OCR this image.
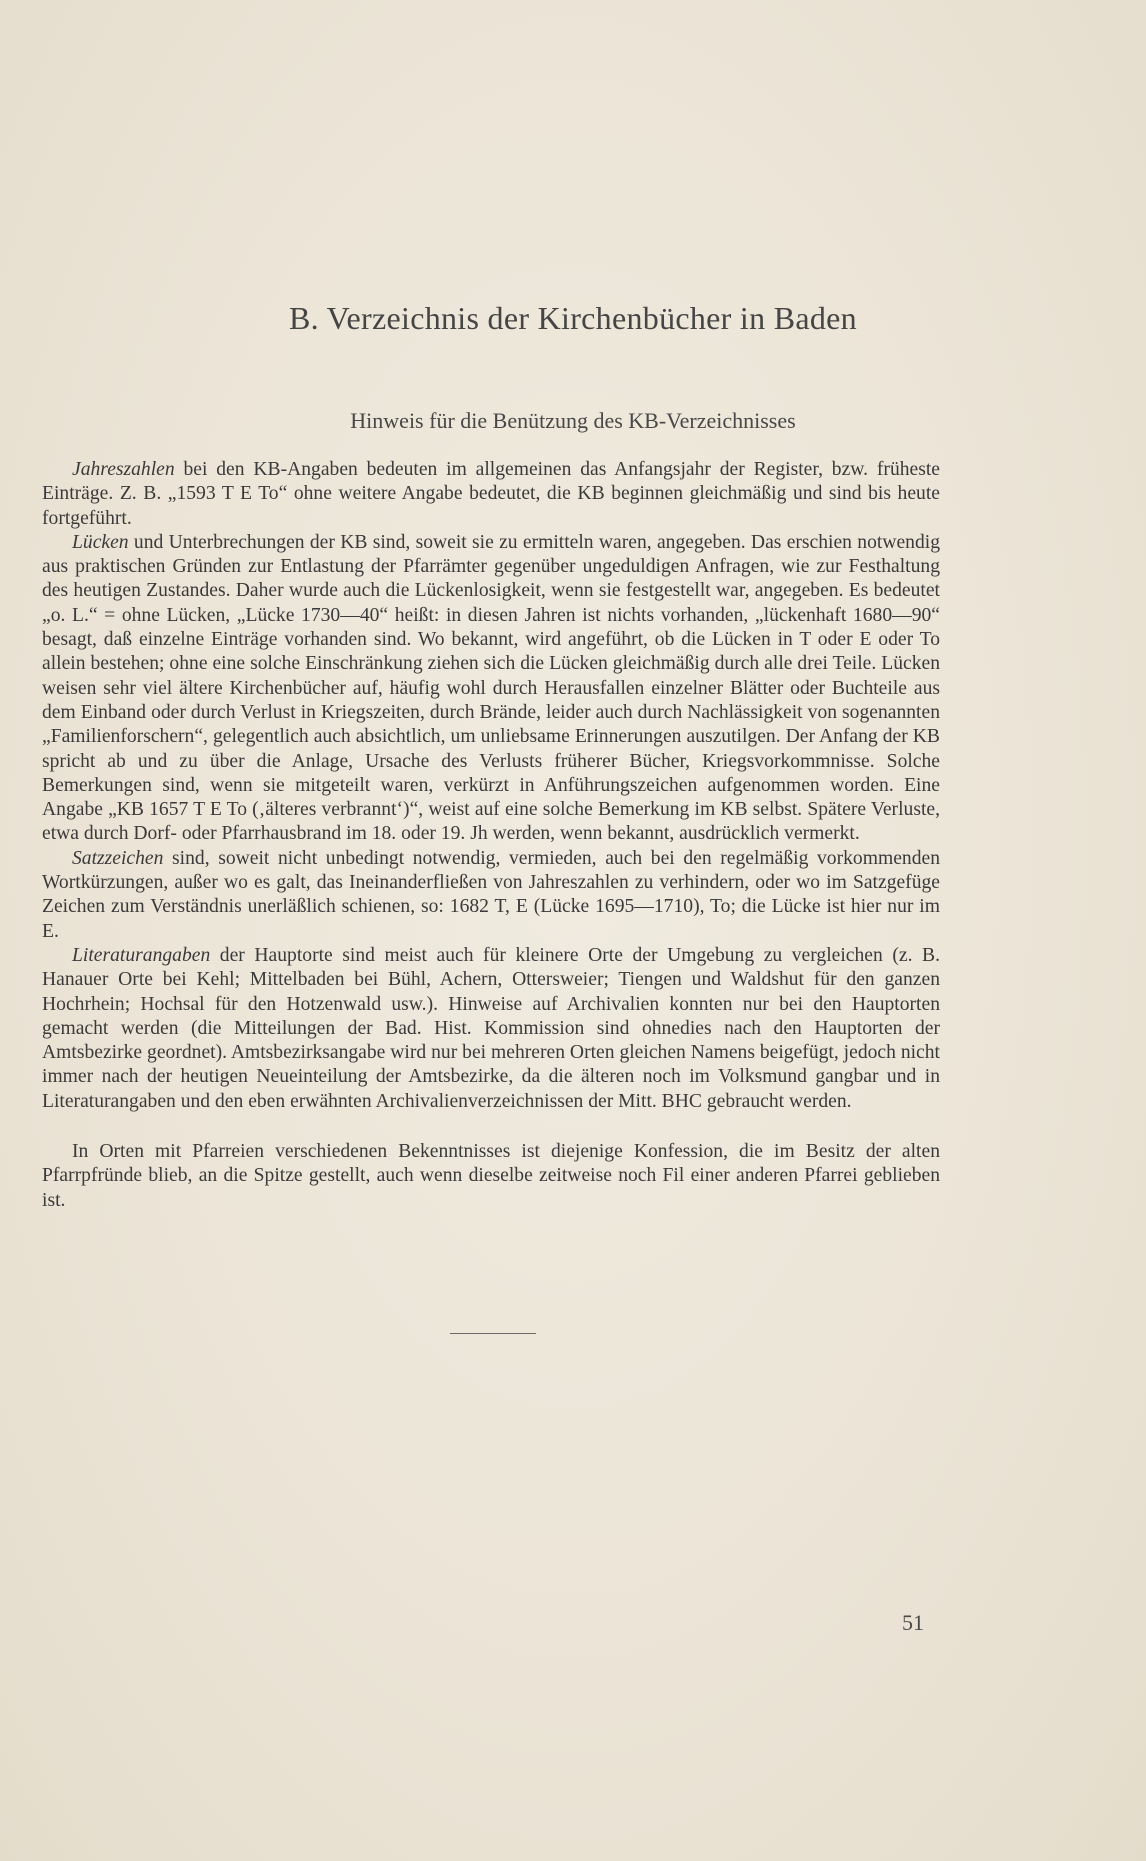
B. Verzeichnis der Kirchenbücher in Baden
Hinweis für die Benützung des KB-Verzeichnisses

Jahreszahlen bei den KB-Angaben bedeuten im allgemeinen das Anfangsjahr der Register, bzw. früheste Einträge. Z. B. „1593 T E To“ ohne weitere Angabe bedeutet, die KB beginnen gleichmäßig und sind bis heute fortgeführt.

Lücken und Unterbrechungen der KB sind, soweit sie zu ermitteln waren, angegeben. Das erschien notwendig aus praktischen Gründen zur Entlastung der Pfarrämter gegenüber ungeduldigen Anfragen, wie zur Festhaltung des heutigen Zustandes. Daher wurde auch die Lückenlosigkeit, wenn sie festgestellt war, angegeben. Es bedeutet „o. L.“ = ohne Lücken, „Lücke 1730—40“ heißt: in diesen Jahren ist nichts vorhanden, „lückenhaft 1680—90“ besagt, daß einzelne Einträge vorhanden sind. Wo bekannt, wird angeführt, ob die Lücken in T oder E oder To allein bestehen; ohne eine solche Einschränkung ziehen sich die Lücken gleichmäßig durch alle drei Teile. Lücken weisen sehr viel ältere Kirchenbücher auf, häufig wohl durch Herausfallen einzelner Blätter oder Buchteile aus dem Einband oder durch Verlust in Kriegszeiten, durch Brände, leider auch durch Nachlässigkeit von sogenannten „Familienforschern“, gelegentlich auch absichtlich, um unliebsame Erinnerungen auszutilgen. Der Anfang der KB spricht ab und zu über die Anlage, Ursache des Verlusts früherer Bücher, Kriegsvorkommnisse. Solche Bemerkungen sind, wenn sie mitgeteilt waren, verkürzt in Anführungszeichen aufgenommen worden. Eine Angabe „KB 1657 T E To (‚älteres verbrannt‘)“, weist auf eine solche Bemerkung im KB selbst. Spätere Verluste, etwa durch Dorf- oder Pfarrhausbrand im 18. oder 19. Jh werden, wenn bekannt, ausdrücklich vermerkt.

Satzzeichen sind, soweit nicht unbedingt notwendig, vermieden, auch bei den regelmäßig vorkommenden Wortkürzungen, außer wo es galt, das Ineinanderfließen von Jahreszahlen zu verhindern, oder wo im Satzgefüge Zeichen zum Verständnis unerläßlich schienen, so: 1682 T, E (Lücke 1695—1710), To; die Lücke ist hier nur im E.

Literaturangaben der Hauptorte sind meist auch für kleinere Orte der Umgebung zu vergleichen (z. B. Hanauer Orte bei Kehl; Mittelbaden bei Bühl, Achern, Ottersweier; Tiengen und Waldshut für den ganzen Hochrhein; Hochsal für den Hotzenwald usw.). Hinweise auf Archivalien konnten nur bei den Hauptorten gemacht werden (die Mitteilungen der Bad. Hist. Kommission sind ohnedies nach den Hauptorten der Amtsbezirke geordnet). Amtsbezirksangabe wird nur bei mehreren Orten gleichen Namens beigefügt, jedoch nicht immer nach der heutigen Neueinteilung der Amtsbezirke, da die älteren noch im Volksmund gangbar und in Literaturangaben und den eben erwähnten Archivalienverzeichnissen der Mitt. BHC gebraucht werden.

In Orten mit Pfarreien verschiedenen Bekenntnisses ist diejenige Konfession, die im Besitz der alten Pfarrpfründe blieb, an die Spitze gestellt, auch wenn dieselbe zeitweise noch Fil einer anderen Pfarrei geblieben ist.

51
